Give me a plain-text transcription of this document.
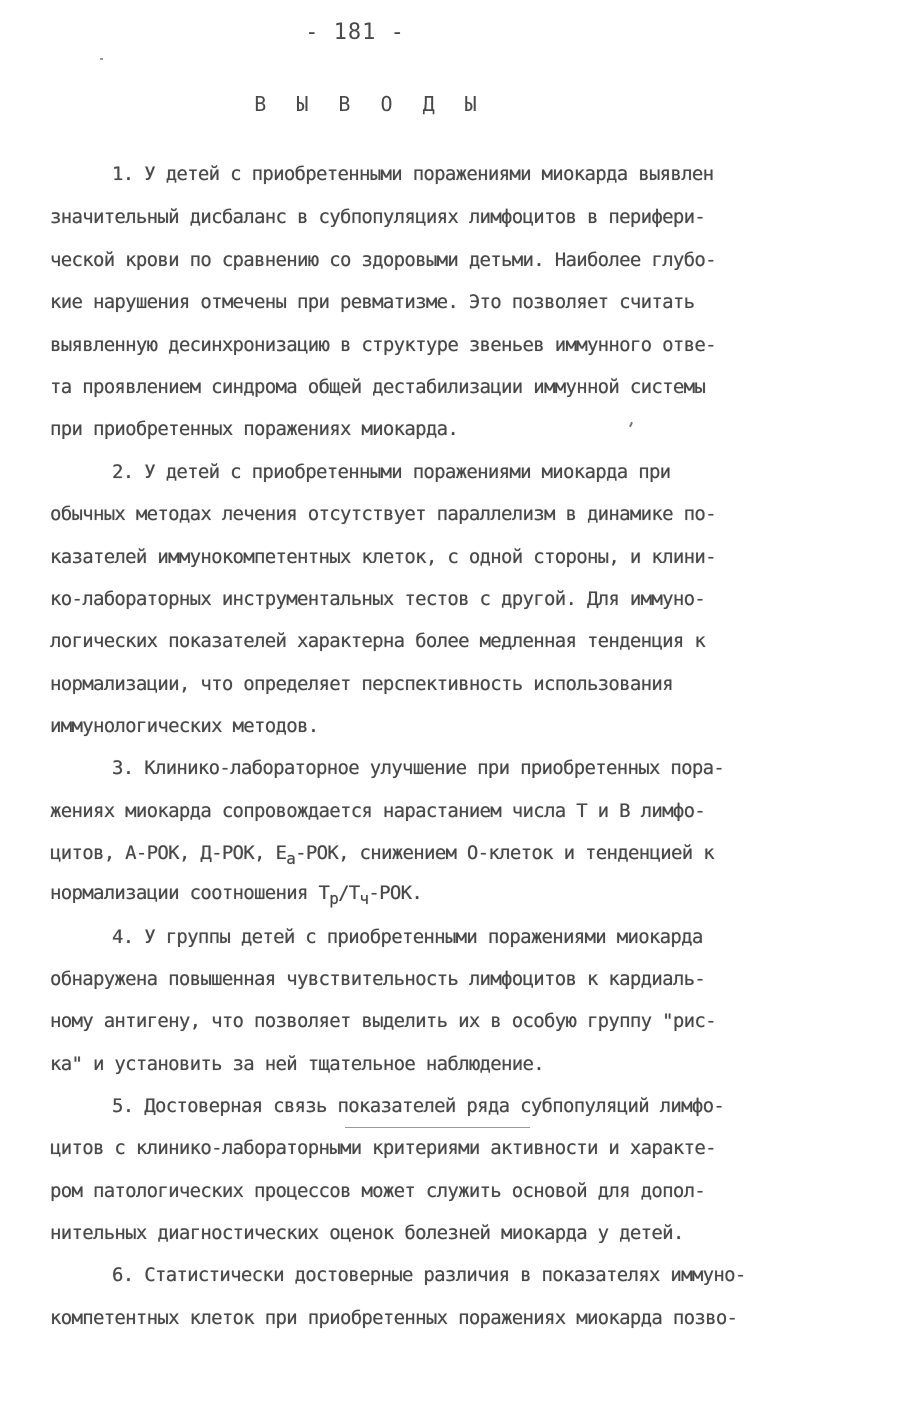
- 181 -
В Ы В О Д Ы
1. У детей с приобретенными поражениями миокарда выявлен
значительный дисбаланс в субпопуляциях лимфоцитов в перифери-
ческой крови по сравнению со здоровыми детьми. Наиболее глубо-
кие нарушения отмечены при ревматизме. Это позволяет считать
выявленную десинхронизацию в структуре звеньев иммунного отве-
та проявлением синдрома общей дестабилизации иммунной системы
при приобретенных поражениях миокарда.
2. У детей с приобретенными поражениями миокарда при
обычных методах лечения отсутствует параллелизм в динамике по-
казателей иммунокомпетентных клеток, с одной стороны, и клини-
ко-лабораторных инструментальных тестов с другой. Для иммуно-
логических показателей характерна более медленная тенденция к
нормализации, что определяет перспективность использования
иммунологических методов.
3. Клинико-лабораторное улучшение при приобретенных пора-
жениях миокарда сопровождается нарастанием числа Т и В лимфо-
цитов, А-РОК, Д-РОК, $Е_а$-РОК, снижением О-клеток и тенденцией к
нормализации соотношения $Т_р/Т_ч$-РОК.
4. У группы детей с приобретенными поражениями миокарда
обнаружена повышенная чувствительность лимфоцитов к кардиаль-
ному антигену, что позволяет выделить их в особую группу "рис-
ка" и установить за ней тщательное наблюдение.
5. Достоверная связь показателей ряда субпопуляций лимфо-
цитов с клинико-лабораторными критериями активности и характе-
ром патологических процессов может служить основой для допол-
нительных диагностических оценок болезней миокарда у детей.
6. Статистически достоверные различия в показателях иммуно-
компетентных клеток при приобретенных поражениях миокарда позво-
